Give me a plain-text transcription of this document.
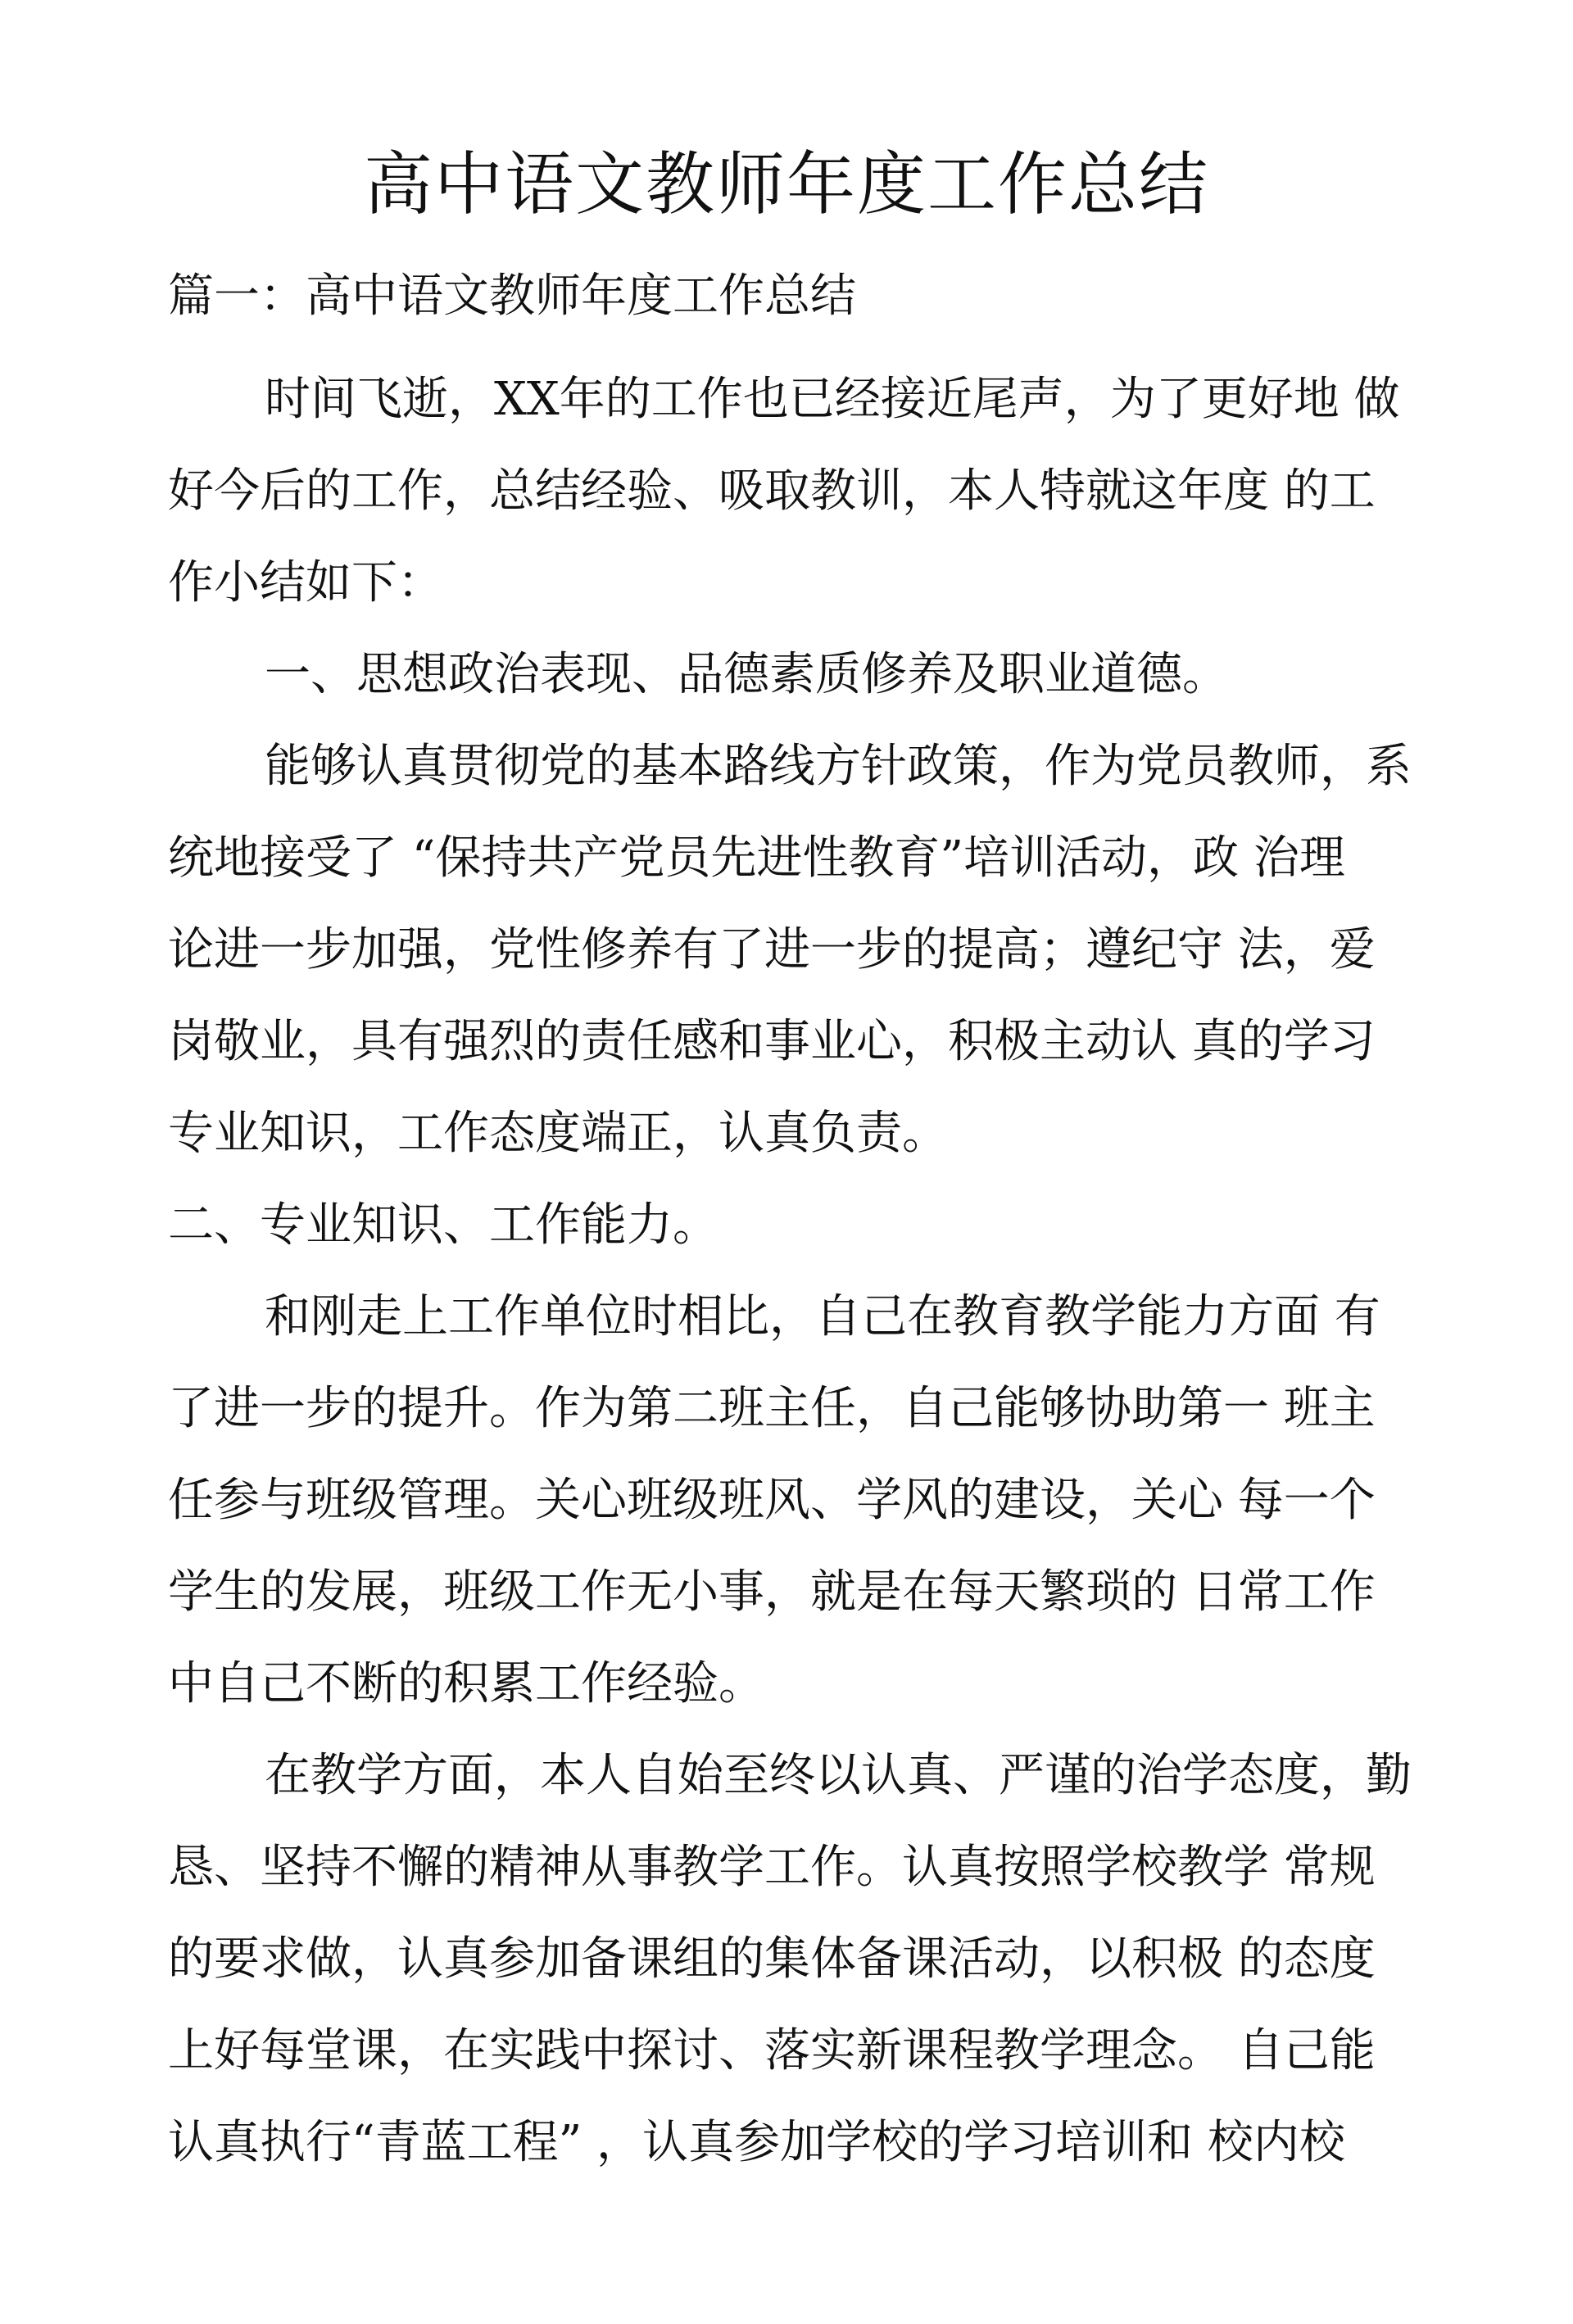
高中语文教师年度工作总结
篇一：高中语文教师年度工作总结
时间飞逝，XX年的工作也已经接近尾声，为了更好地 做
好今后的工作，总结经验、吸取教训，本人特就这年度 的工
作小结如下：
一、思想政治表现、品德素质修养及职业道德。
能够认真贯彻党的基本路线方针政策，作为党员教师，系
统地接受了 “保持共产党员先进性教育”培训活动，政 治理
论进一步加强，党性修养有了进一步的提高；遵纪守 法，爱
岗敬业，具有强烈的责任感和事业心，积极主动认 真的学习
专业知识，工作态度端正，认真负责。
二、专业知识、工作能力。
和刚走上工作单位时相比，自己在教育教学能力方面 有
了进一步的提升。作为第二班主任，自己能够协助第一 班主
任参与班级管理。关心班级班风、学风的建设，关心 每一个
学生的发展，班级工作无小事，就是在每天繁琐的 日常工作
中自己不断的积累工作经验。
在教学方面，本人自始至终以认真、严谨的治学态度，勤
恳、坚持不懈的精神从事教学工作。认真按照学校教学 常规
的要求做，认真参加备课组的集体备课活动，以积极 的态度
上好每堂课，在实践中探讨、落实新课程教学理念。 自己能
认真执行“青蓝工程” ，认真参加学校的学习培训和 校内校
